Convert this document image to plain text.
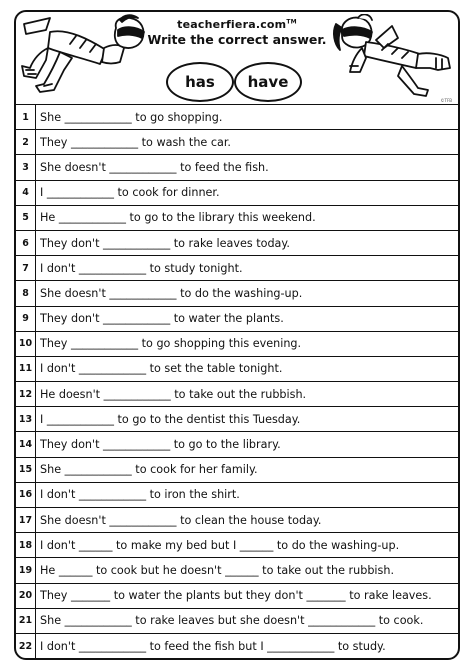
teacherfiera.com™
Write the correct answer.
has have
©TFB
1 She ____________ to go shopping.
2 They ____________ to wash the car.
3 She doesn't ____________ to feed the fish.
4 I ____________ to cook for dinner.
5 He ____________ to go to the library this weekend.
6 They don't ____________ to rake leaves today.
7 I don't ____________ to study tonight.
8 She doesn't ____________ to do the washing-up.
9 They don't ____________ to water the plants.
10 They ____________ to go shopping this evening.
11 I don't ____________ to set the table tonight.
12 He doesn't ____________ to take out the rubbish.
13 I ____________ to go to the dentist this Tuesday.
14 They don't ____________ to go to the library.
15 She ____________ to cook for her family.
16 I don't ____________ to iron the shirt.
17 She doesn't ____________ to clean the house today.
18 I don't ______ to make my bed but I ______ to do the washing-up.
19 He ______ to cook but he doesn't ______ to take out the rubbish.
20 They _______ to water the plants but they don't _______ to rake leaves.
21 She ____________ to rake leaves but she doesn't ____________ to cook.
22 I don't ____________ to feed the fish but I ____________ to study.
